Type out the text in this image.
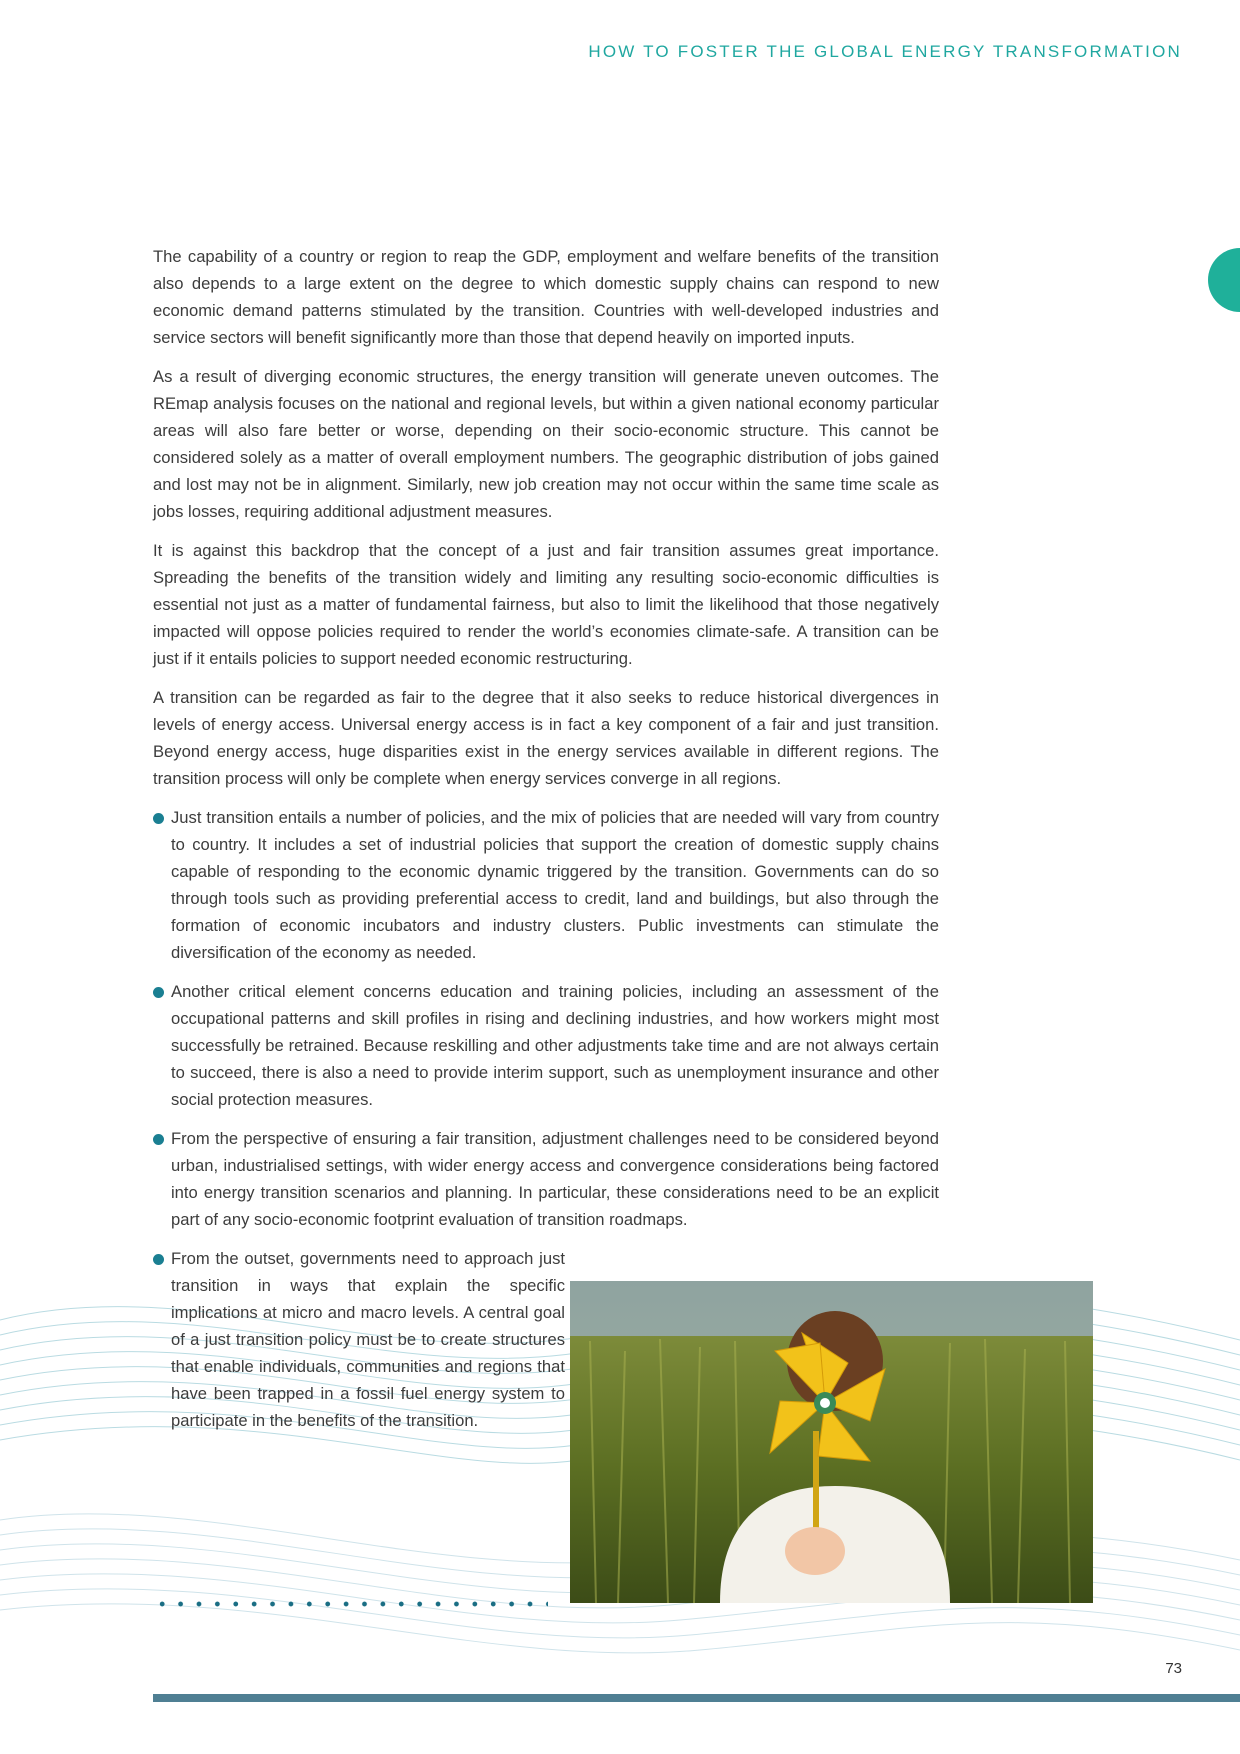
HOW TO FOSTER THE GLOBAL ENERGY TRANSFORMATION

The capability of a country or region to reap the GDP, employment and welfare benefits of the transition also depends to a large extent on the degree to which domestic supply chains can respond to new economic demand patterns stimulated by the transition. Countries with well-developed industries and service sectors will benefit significantly more than those that depend heavily on imported inputs.

As a result of diverging economic structures, the energy transition will generate uneven outcomes. The REmap analysis focuses on the national and regional levels, but within a given national economy particular areas will also fare better or worse, depending on their socio-economic structure. This cannot be considered solely as a matter of overall employment numbers. The geographic distribution of jobs gained and lost may not be in alignment. Similarly, new job creation may not occur within the same time scale as jobs losses, requiring additional adjustment measures.

It is against this backdrop that the concept of a just and fair transition assumes great importance. Spreading the benefits of the transition widely and limiting any resulting socio-economic difficulties is essential not just as a matter of fundamental fairness, but also to limit the likelihood that those negatively impacted will oppose policies required to render the world’s economies climate-safe. A transition can be just if it entails policies to support needed economic restructuring.

A transition can be regarded as fair to the degree that it also seeks to reduce historical divergences in levels of energy access. Universal energy access is in fact a key component of a fair and just transition. Beyond energy access, huge disparities exist in the energy services available in different regions. The transition process will only be complete when energy services converge in all regions.

Just transition entails a number of policies, and the mix of policies that are needed will vary from country to country. It includes a set of industrial policies that support the creation of domestic supply chains capable of responding to the economic dynamic triggered by the transition. Governments can do so through tools such as providing preferential access to credit, land and buildings, but also through the formation of economic incubators and industry clusters. Public investments can stimulate the diversification of the economy as needed.
Another critical element concerns education and training policies, including an assessment of the occupational patterns and skill profiles in rising and declining industries, and how workers might most successfully be retrained. Because reskilling and other adjustments take time and are not always certain to succeed, there is also a need to provide interim support, such as unemployment insurance and other social protection measures.
From the perspective of ensuring a fair transition, adjustment challenges need to be considered beyond urban, industrialised settings, with wider energy access and convergence considerations being factored into energy transition scenarios and planning. In particular, these considerations need to be an explicit part of any socio-economic footprint evaluation of transition roadmaps.
From the outset, governments need to approach just transition in ways that explain the specific implications at micro and macro levels. A central goal of a just transition policy must be to create structures that enable individuals, communities and regions that have been trapped in a fossil fuel energy system to participate in the benefits of the transition.
73
